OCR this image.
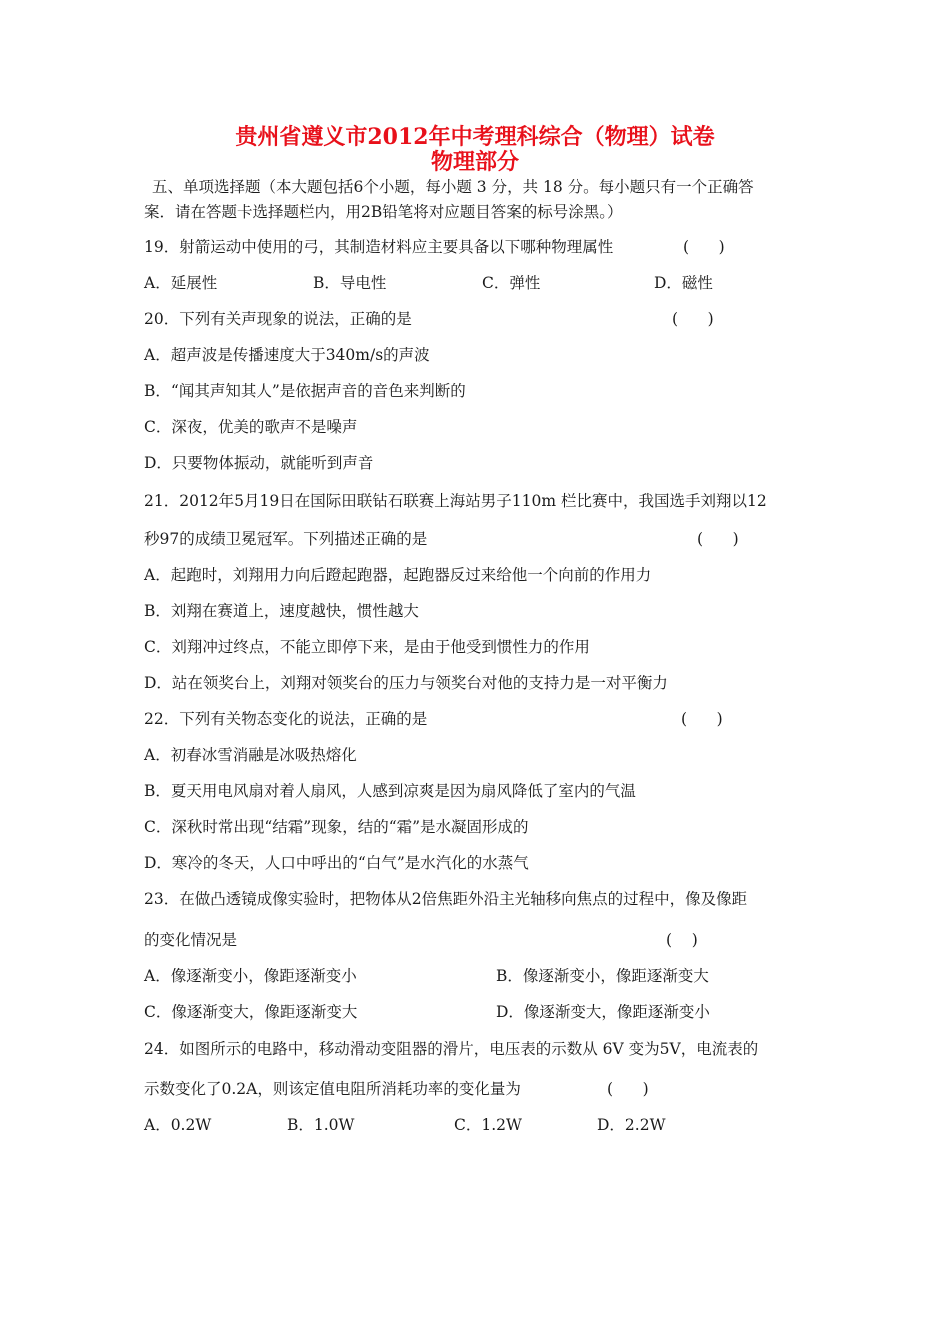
贵州省遵义市2012年中考理科综合（物理）试卷
物理部分
五、单项选择题（本大题包括6个小题，每小题 3 分，共 18 分。每小题只有一个正确答
案．请在答题卡选择题栏内，用2B铅笔将对应题目答案的标号涂黑。）
19．射箭运动中使用的弓，其制造材料应主要具备以下哪种物理属性	(      )
A．延展性	B．导电性	C．弹性	D．磁性
20．下列有关声现象的说法，正确的是	(      )
A．超声波是传播速度大于340m/s的声波
B．“闻其声知其人”是依据声音的音色来判断的
C．深夜，优美的歌声不是噪声
D．只要物体振动，就能听到声音
21．2012年5月19日在国际田联钻石联赛上海站男子110m 栏比赛中，我国选手刘翔以12
秒97的成绩卫冕冠军。下列描述正确的是	(      )
A．起跑时，刘翔用力向后蹬起跑器，起跑器反过来给他一个向前的作用力
B．刘翔在赛道上，速度越快，惯性越大
C．刘翔冲过终点，不能立即停下来，是由于他受到惯性力的作用
D．站在领奖台上，刘翔对领奖台的压力与领奖台对他的支持力是一对平衡力
22．下列有关物态变化的说法，正确的是	(      )
A．初春冰雪消融是冰吸热熔化
B．夏天用电风扇对着人扇风，人感到凉爽是因为扇风降低了室内的气温
C．深秋时常出现“结霜”现象，结的“霜”是水凝固形成的
D．寒冷的冬天，人口中呼出的“白气”是水汽化的水蒸气
23．在做凸透镜成像实验时，把物体从2倍焦距外沿主光轴移向焦点的过程中，像及像距
的变化情况是	(    )
A．像逐渐变小，像距逐渐变小	B．像逐渐变小，像距逐渐变大
C．像逐渐变大，像距逐渐变大	D．像逐渐变大，像距逐渐变小
24．如图所示的电路中，移动滑动变阻器的滑片，电压表的示数从 6V 变为5V，电流表的
示数变化了0.2A，则该定值电阻所消耗功率的变化量为	(      )
A．0.2W	B．1.0W	C．1.2W	D．2.2W
